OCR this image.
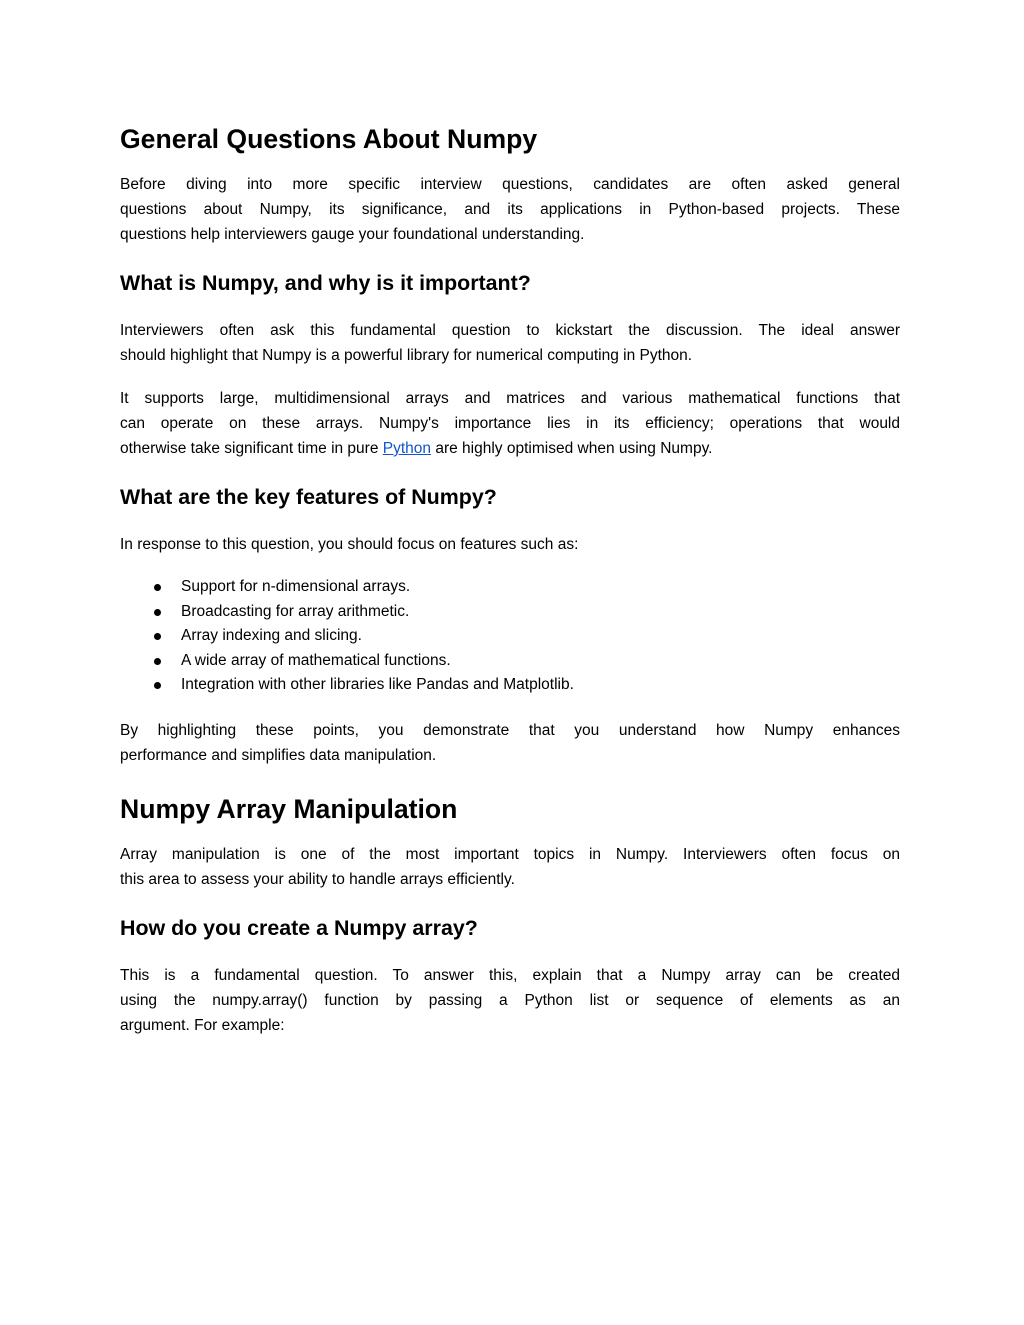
General Questions About Numpy

Before diving into more specific interview questions, candidates are often asked general
questions about Numpy, its significance, and its applications in Python-based projects. These
questions help interviewers gauge your foundational understanding.

What is Numpy, and why is it important?

Interviewers often ask this fundamental question to kickstart the discussion. The ideal answer
should highlight that Numpy is a powerful library for numerical computing in Python.

It supports large, multidimensional arrays and matrices and various mathematical functions that
can operate on these arrays. Numpy's importance lies in its efficiency; operations that would
otherwise take significant time in pure Python are highly optimised when using Numpy.

What are the key features of Numpy?

In response to this question, you should focus on features such as:

Support for n-dimensional arrays.
Broadcasting for array arithmetic.
Array indexing and slicing.
A wide array of mathematical functions.
Integration with other libraries like Pandas and Matplotlib.

By highlighting these points, you demonstrate that you understand how Numpy enhances
performance and simplifies data manipulation.

Numpy Array Manipulation

Array manipulation is one of the most important topics in Numpy. Interviewers often focus on
this area to assess your ability to handle arrays efficiently.

How do you create a Numpy array?

This is a fundamental question. To answer this, explain that a Numpy array can be created
using the numpy.array() function by passing a Python list or sequence of elements as an
argument. For example:
